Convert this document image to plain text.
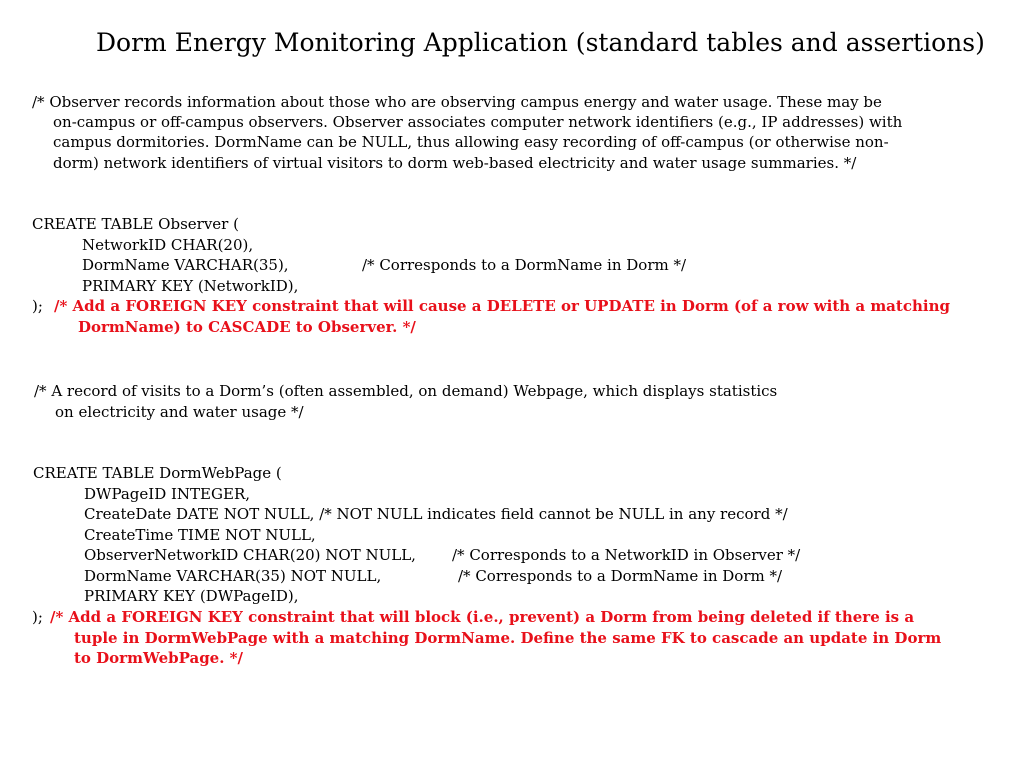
Dorm Energy Monitoring Application (standard tables and assertions)
/* Observer records information about those who are observing campus energy and water usage. These may be
on-campus or off-campus observers. Observer associates computer network identifiers (e.g., IP addresses) with
campus dormitories. DormName can be NULL, thus allowing easy recording of off-campus (or otherwise non-
dorm) network identifiers of virtual visitors to dorm web-based electricity and water usage summaries. */
CREATE TABLE Observer (
NetworkID CHAR(20),
DormName VARCHAR(35),	/* Corresponds to a DormName in Dorm */
PRIMARY KEY (NetworkID),
); /* Add a FOREIGN KEY constraint that will cause a DELETE or UPDATE in Dorm (of a row with a matching
DormName) to CASCADE to Observer. */
/* A record of visits to a Dorm’s (often assembled, on demand) Webpage, which displays statistics
on electricity and water usage */
CREATE TABLE DormWebPage (
DWPageID INTEGER,
CreateDate DATE NOT NULL, /* NOT NULL indicates field cannot be NULL in any record */
CreateTime TIME NOT NULL,
ObserverNetworkID CHAR(20) NOT NULL, /* Corresponds to a NetworkID in Observer */
DormName VARCHAR(35) NOT NULL,	/* Corresponds to a DormName in Dorm */
PRIMARY KEY (DWPageID),
); /* Add a FOREIGN KEY constraint that will block (i.e., prevent) a Dorm from being deleted if there is a
tuple in DormWebPage with a matching DormName. Define the same FK to cascade an update in Dorm
to DormWebPage. */
